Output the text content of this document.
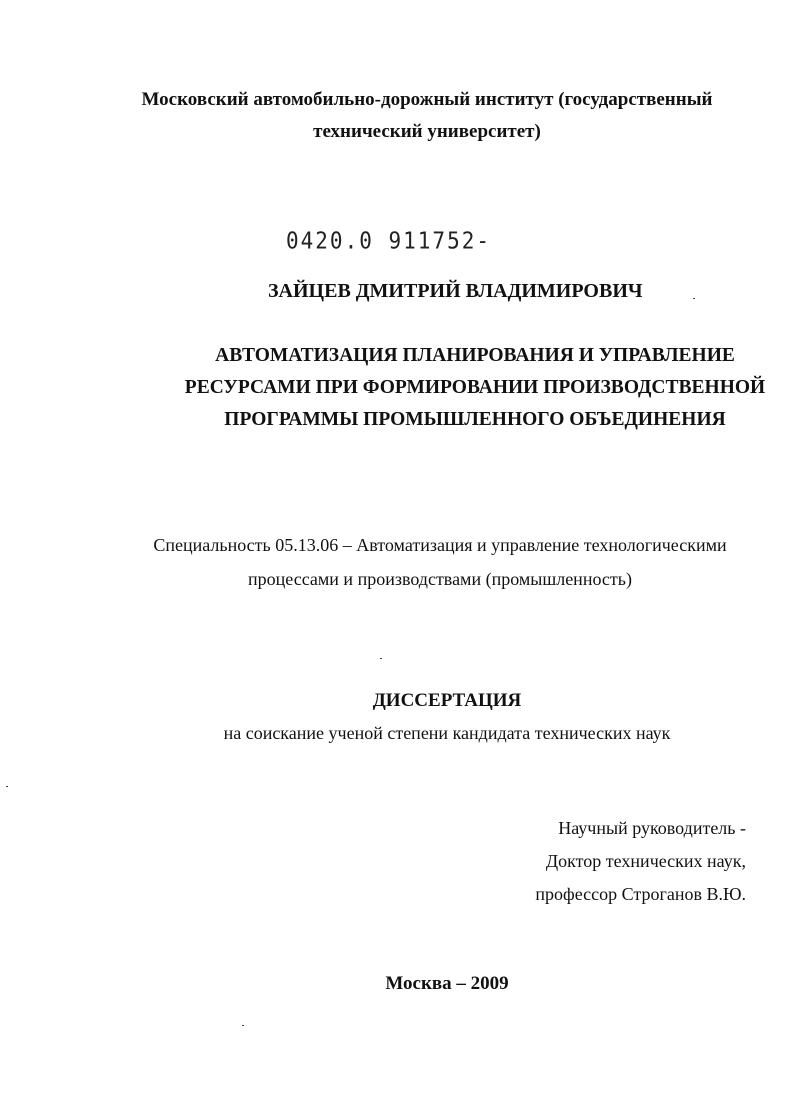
Московский автомобильно-дорожный институт (государственный
технический университет)
0420.0 911752-
ЗАЙЦЕВ ДМИТРИЙ ВЛАДИМИРОВИЧ
АВТОМАТИЗАЦИЯ ПЛАНИРОВАНИЯ И УПРАВЛЕНИЕ
РЕСУРСАМИ ПРИ ФОРМИРОВАНИИ ПРОИЗВОДСТВЕННОЙ
ПРОГРАММЫ ПРОМЫШЛЕННОГО ОБЪЕДИНЕНИЯ
Специальность 05.13.06 – Автоматизация и управление технологическими
процессами и производствами (промышленность)
ДИССЕРТАЦИЯ
на соискание ученой степени кандидата технических наук
Научный руководитель -
Доктор технических наук,
профессор Строганов В.Ю.
Москва – 2009
